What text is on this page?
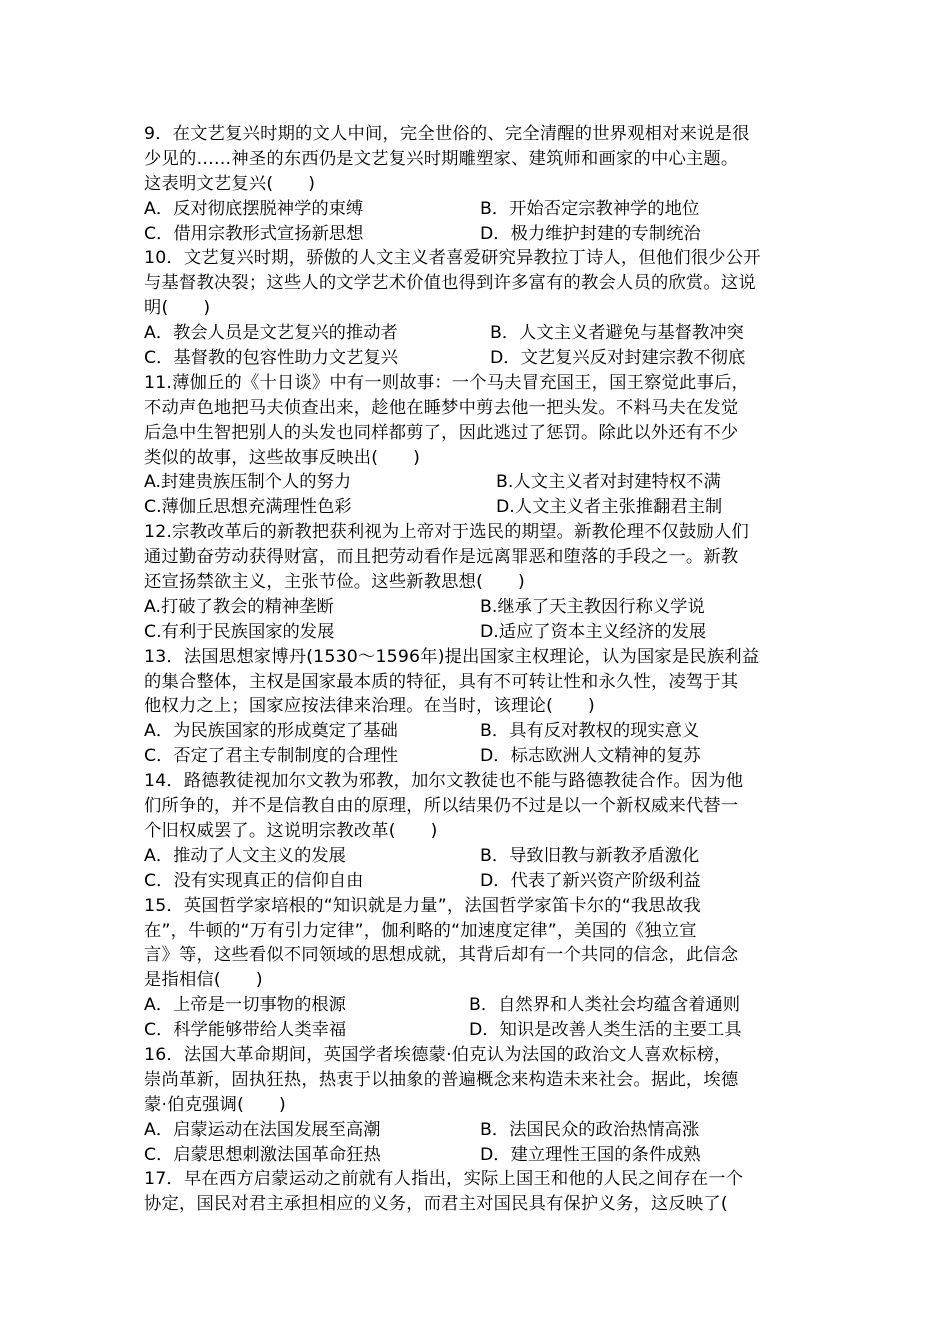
9．在文艺复兴时期的文人中间，完全世俗的、完全清醒的世界观相对来说是很
少见的……神圣的东西仍是文艺复兴时期雕塑家、建筑师和画家的中心主题。
这表明文艺复兴(　　)
A．反对彻底摆脱神学的束缚	B．开始否定宗教神学的地位
C．借用宗教形式宣扬新思想	D．极力维护封建的专制统治
10．文艺复兴时期，骄傲的人文主义者喜爱研究异教拉丁诗人，但他们很少公开
与基督教决裂；这些人的文学艺术价值也得到许多富有的教会人员的欣赏。这说
明(　　)
A．教会人员是文艺复兴的推动者	B．人文主义者避免与基督教冲突
C．基督教的包容性助力文艺复兴	D．文艺复兴反对封建宗教不彻底
11.薄伽丘的《十日谈》中有一则故事：一个马夫冒充国王，国王察觉此事后，
不动声色地把马夫侦查出来，趁他在睡梦中剪去他一把头发。不料马夫在发觉
后急中生智把别人的头发也同样都剪了，因此逃过了惩罚。除此以外还有不少
类似的故事，这些故事反映出(　　)
A.封建贵族压制个人的努力	B.人文主义者对封建特权不满
C.薄伽丘思想充满理性色彩	D.人文主义者主张推翻君主制
12.宗教改革后的新教把获利视为上帝对于选民的期望。新教伦理不仅鼓励人们
通过勤奋劳动获得财富，而且把劳动看作是远离罪恶和堕落的手段之一。新教
还宣扬禁欲主义，主张节俭。这些新教思想(　　)
A.打破了教会的精神垄断	B.继承了天主教因行称义学说
C.有利于民族国家的发展	D.适应了资本主义经济的发展
13．法国思想家博丹(1530～1596年)提出国家主权理论，认为国家是民族利益
的集合整体，主权是国家最本质的特征，具有不可转让性和永久性，凌驾于其
他权力之上；国家应按法律来治理。在当时，该理论(　　)
A．为民族国家的形成奠定了基础	B．具有反对教权的现实意义
C．否定了君主专制制度的合理性	D．标志欧洲人文精神的复苏
14．路德教徒视加尔文教为邪教，加尔文教徒也不能与路德教徒合作。因为他
们所争的，并不是信教自由的原理，所以结果仍不过是以一个新权威来代替一
个旧权威罢了。这说明宗教改革(　　)
A．推动了人文主义的发展	B．导致旧教与新教矛盾激化
C．没有实现真正的信仰自由	D．代表了新兴资产阶级利益
15．英国哲学家培根的“知识就是力量”，法国哲学家笛卡尔的“我思故我
在”，牛顿的“万有引力定律”，伽利略的“加速度定律”，美国的《独立宣
言》等，这些看似不同领域的思想成就，其背后却有一个共同的信念，此信念
是指相信(　　)
A．上帝是一切事物的根源	B．自然界和人类社会均蕴含着通则
C．科学能够带给人类幸福	D．知识是改善人类生活的主要工具
16．法国大革命期间，英国学者埃德蒙·伯克认为法国的政治文人喜欢标榜，
崇尚革新，固执狂热，热衷于以抽象的普遍概念来构造未来社会。据此，埃德
蒙·伯克强调(　　)
A．启蒙运动在法国发展至高潮	B．法国民众的政治热情高涨
C．启蒙思想刺激法国革命狂热	D．建立理性王国的条件成熟
17．早在西方启蒙运动之前就有人指出，实际上国王和他的人民之间存在一个
协定，国民对君主承担相应的义务，而君主对国民具有保护义务，这反映了(
